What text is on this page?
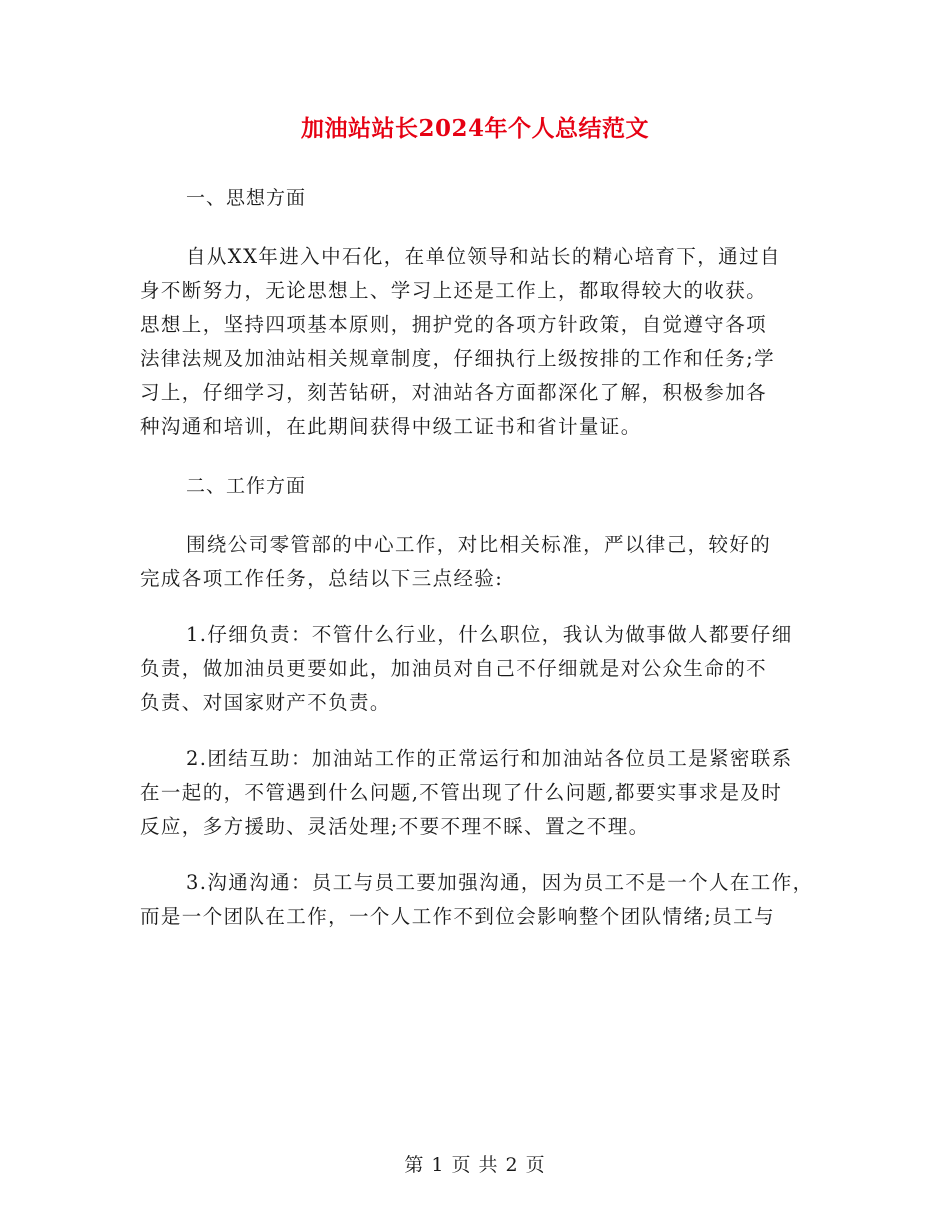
加油站站长2024年个人总结范文
一、思想方面
自从XX年进入中石化，在单位领导和站长的精心培育下，通过自
身不断努力，无论思想上、学习上还是工作上，都取得较大的收获。
思想上，坚持四项基本原则，拥护党的各项方针政策，自觉遵守各项
法律法规及加油站相关规章制度，仔细执行上级按排的工作和任务;学
习上，仔细学习，刻苦钻研，对油站各方面都深化了解，积极参加各
种沟通和培训，在此期间获得中级工证书和省计量证。
二、工作方面
围绕公司零管部的中心工作，对比相关标准，严以律己，较好的
完成各项工作任务，总结以下三点经验:
1.仔细负责：不管什么行业，什么职位，我认为做事做人都要仔细
负责，做加油员更要如此，加油员对自己不仔细就是对公众生命的不
负责、对国家财产不负责。
2.团结互助：加油站工作的正常运行和加油站各位员工是紧密联系
在一起的，不管遇到什么问题,不管出现了什么问题,都要实事求是及时
反应，多方援助、灵活处理;不要不理不睬、置之不理。
3.沟通沟通：员工与员工要加强沟通，因为员工不是一个人在工作，
而是一个团队在工作，一个人工作不到位会影响整个团队情绪;员工与
第 1 页 共 2 页
